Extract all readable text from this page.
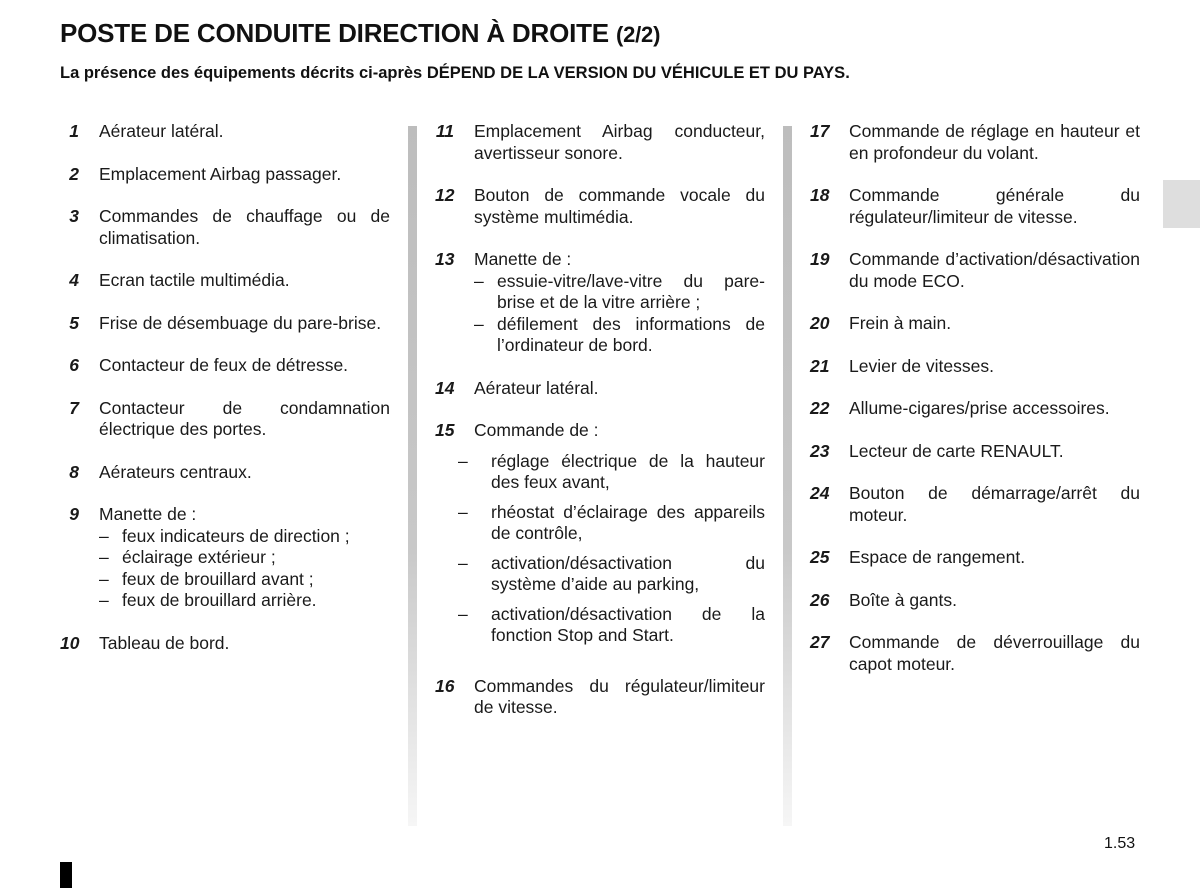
POSTE DE CONDUITE DIRECTION À DROITE (2/2)

La présence des équipements décrits ci-après DÉPEND DE LA VERSION DU VÉHICULE ET DU PAYS.

1 Aérateur latéral.
2 Emplacement Airbag passager.
3 Commandes de chauffage ou de climatisation.
4 Ecran tactile multimédia.
5 Frise de désembuage du pare-brise.
6 Contacteur de feux de détresse.
7 Contacteur de condamnation électrique des portes.
8 Aérateurs centraux.
9 Manette de :
– feux indicateurs de direction ;
– éclairage extérieur ;
– feux de brouillard avant ;
– feux de brouillard arrière.
10 Tableau de bord.
11 Emplacement Airbag conducteur, avertisseur sonore.
12 Bouton de commande vocale du système multimédia.
13 Manette de :
– essuie-vitre/lave-vitre du pare-brise et de la vitre arrière ;
– défilement des informations de l’ordinateur de bord.
14 Aérateur latéral.
15 Commande de :
–	réglage électrique de la hauteur des feux avant,
–	rhéostat d’éclairage des appareils de contrôle,
–	activation/désactivation du système d’aide au parking,
–	activation/désactivation de la fonction Stop and Start.
16 Commandes du régulateur/limiteur de vitesse.
17 Commande de réglage en hauteur et en profondeur du volant.
18 Commande générale du régulateur/limiteur de vitesse.
19 Commande d’activation/désactivation du mode ECO.
20 Frein à main.
21 Levier de vitesses.
22 Allume-cigares/prise accessoires.
23 Lecteur de carte RENAULT.
24 Bouton de démarrage/arrêt du moteur.
25 Espace de rangement.
26 Boîte à gants.
27 Commande de déverrouillage du capot moteur.
1.53
